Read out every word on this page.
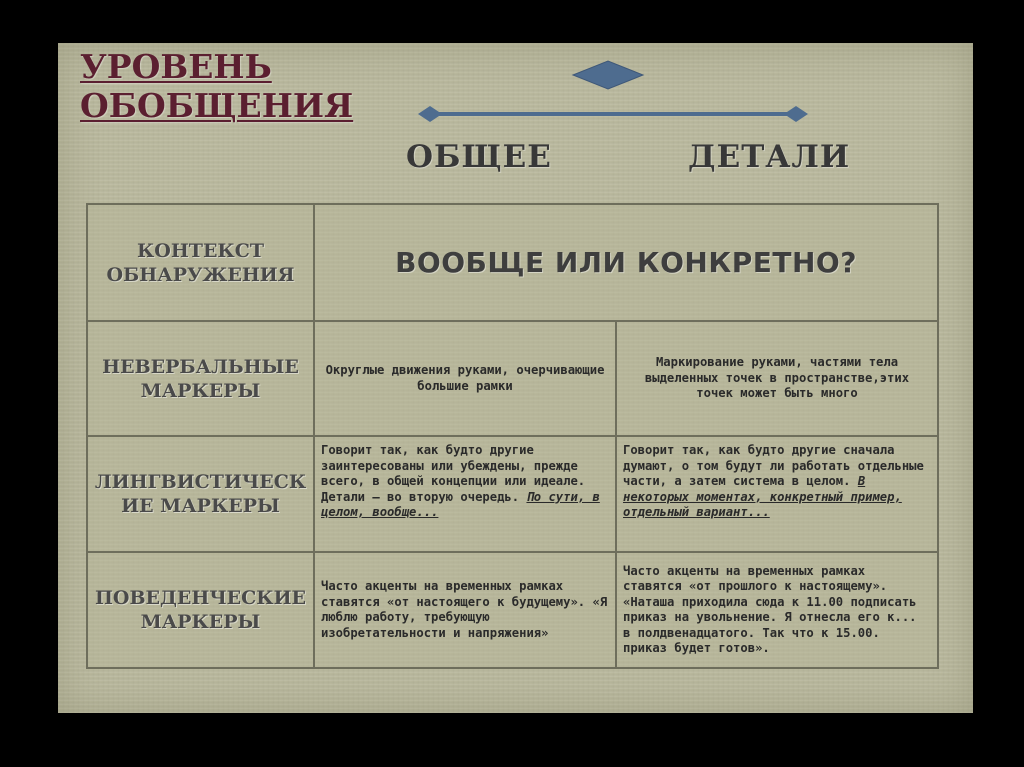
УРОВЕНЬ
ОБОБЩЕНИЯ
ОБЩЕЕ	ДЕТАЛИ
КОНТЕКСТ ОБНАРУЖЕНИЯ	ВООБЩЕ ИЛИ КОНКРЕТНО?	
НЕВЕРБАЛЬНЫЕ МАРКЕРЫ	Округлые движения руками, очерчивающие большие рамки	Маркирование руками, частями тела выделенных точек в пространстве,этих точек может быть много
ЛИНГВИСТИЧЕСК ИЕ МАРКЕРЫ	Говорит так, как будто другие заинтересованы или убеждены, прежде всего, в общей концепции или идеале. Детали – во вторую очередь. По сути, в целом, вообще...	Говорит так, как будто другие сначала думают, о том будут ли работать отдельные части, а затем система в целом. В некоторых моментах, конкретный пример, отдельный вариант...
ПОВЕДЕНЧЕСКИЕ МАРКЕРЫ	Часто акценты на временных рамках ставятся «от настоящего к будущему». «Я люблю работу, требующую изобретательности и напряжения»	Часто акценты на временных рамках ставятся «от прошлого к настоящему». «Наташа приходила сюда к 11.00 подписать приказ на увольнение. Я отнесла его к... в полдвенадцатого. Так что к 15.00. приказ будет готов».
